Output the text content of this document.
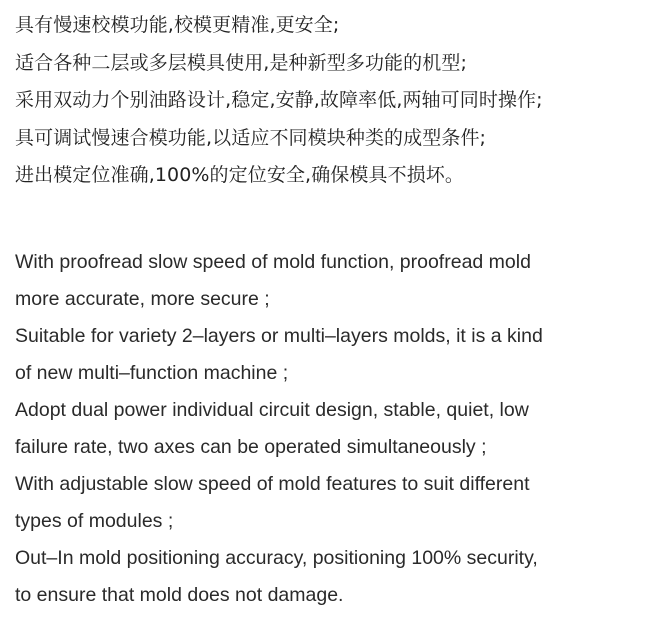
具有慢速校模功能,校模更精准,更安全;
适合各种二层或多层模具使用,是种新型多功能的机型;
采用双动力个别油路设计,稳定,安静,故障率低,两轴可同时操作;
具可调试慢速合模功能,以适应不同模块种类的成型条件;
进出模定位准确,100%的定位安全,确保模具不损坏。
With proofread slow speed of mold function, proofread mold
more accurate, more secure ;
Suitable for variety 2–layers or multi–layers molds, it is a kind
of new multi–function machine ;
Adopt dual power individual circuit design, stable, quiet, low
failure rate, two axes can be operated simultaneously ;
With adjustable slow speed of mold features to suit different
types of modules ;
Out–In mold positioning accuracy, positioning 100% security,
to ensure that mold does not damage.
